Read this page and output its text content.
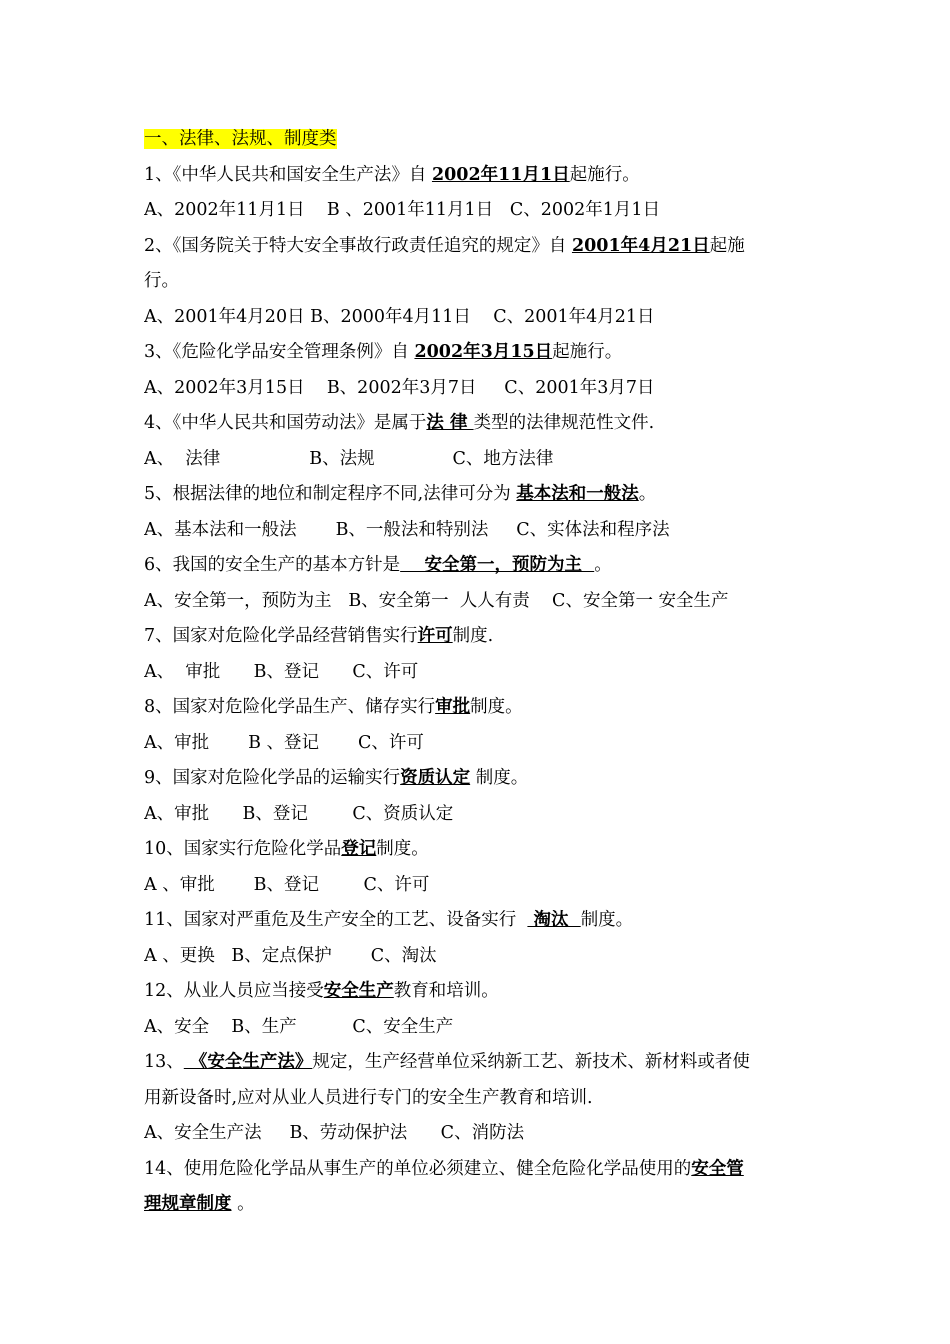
一、法律、法规、制度类
1、《中华人民共和国安全生产法》自 2002年11月1日起施行。
A、2002年11月1日    B 、2001年11月1日   C、2002年1月1日
2、《国务院关于特大安全事故行政责任追究的规定》自 2001年4月21日起施
行。
A、2001年4月20日 B、2000年4月11日    C、2001年4月21日
3、《危险化学品安全管理条例》自 2002年3月15日起施行。
A、2002年3月15日    B、2002年3月7日     C、2001年3月7日
4、《中华人民共和国劳动法》是属于法 律 类型的法律规范性文件.
A、  法律                B、法规              C、地方法律
5、根据法律的地位和制定程序不同,法律可分为 基本法和一般法。
A、基本法和一般法       B、一般法和特别法     C、实体法和程序法
6、我国的安全生产的基本方针是    安全第一，预防为主  。
A、安全第一，预防为主   B、安全第一  人人有责    C、安全第一 安全生产
7、国家对危险化学品经营销售实行许可制度.
A、  审批      B、登记      C、许可
8、国家对危险化学品生产、储存实行审批制度。
A、审批       B 、登记       C、许可
9、国家对危险化学品的运输实行资质认定 制度。
A、审批      B、登记        C、资质认定
10、国家实行危险化学品登记制度。
A 、审批       B、登记        C、许可
11、国家对严重危及生产安全的工艺、设备实行   淘汰  制度。
A 、更换   B、定点保护       C、淘汰
12、从业人员应当接受安全生产教育和培训。
A、安全    B、生产          C、安全生产
13、 《安全生产法》规定，生产经营单位采纳新工艺、新技术、新材料或者使
用新设备时,应对从业人员进行专门的安全生产教育和培训.
A、安全生产法     B、劳动保护法      C、消防法
14、使用危险化学品从事生产的单位必须建立、健全危险化学品使用的安全管
理规章制度 。
